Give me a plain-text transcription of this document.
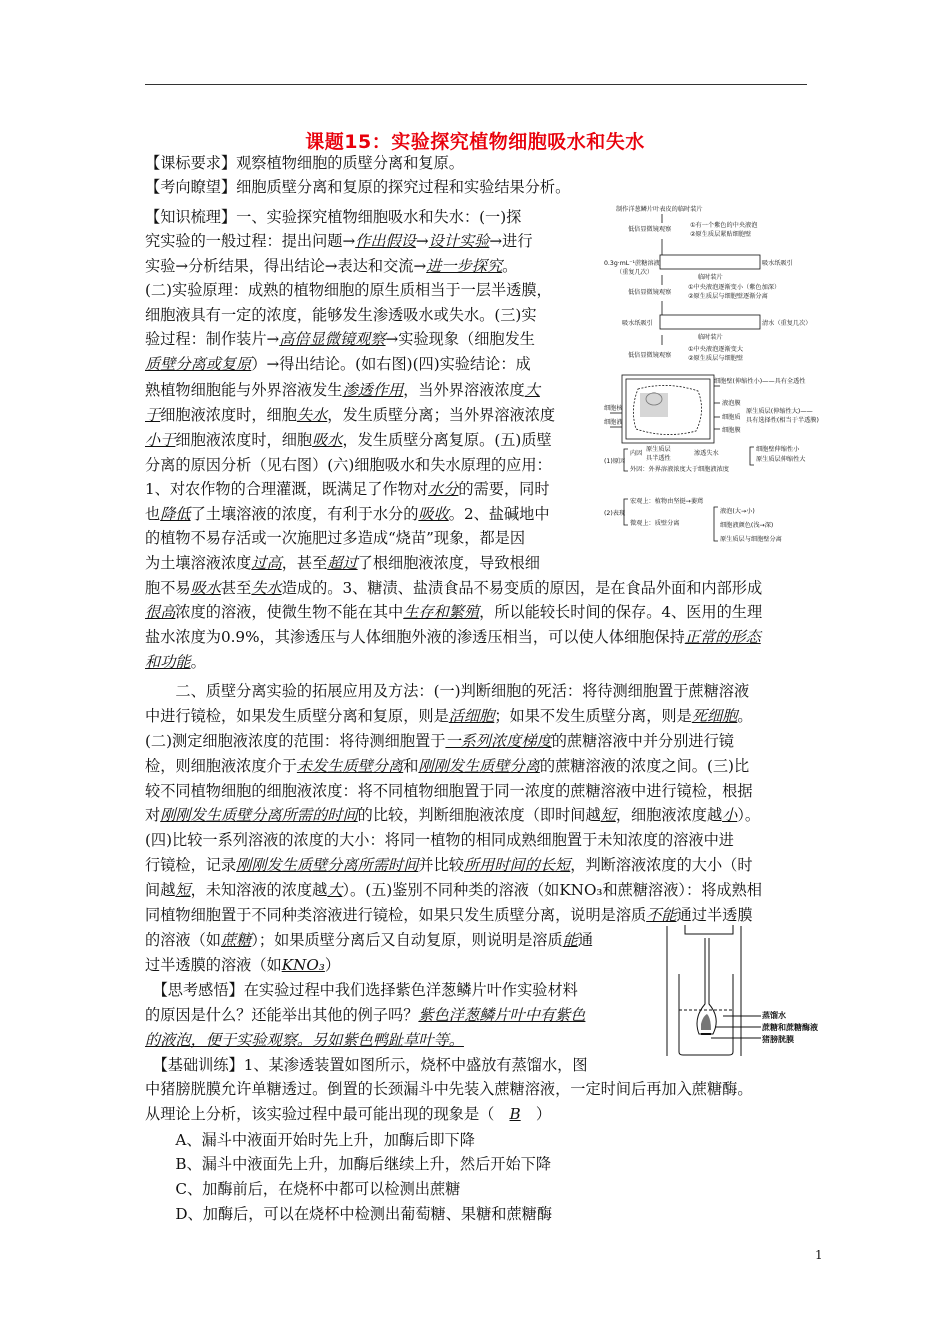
课题15：实验探究植物细胞吸水和失水
【课标要求】观察植物细胞的质壁分离和复原。
【考向瞭望】细胞质壁分离和复原的探究过程和实验结果分析。
【知识梳理】一、实验探究植物细胞吸水和失水：(一)探
究实验的一般过程：提出问题→作出假设→设计实验→进行
实验→分析结果，得出结论→表达和交流→进一步探究。
(二)实验原理：成熟的植物细胞的原生质相当于一层半透膜，
细胞液具有一定的浓度，能够发生渗透吸水或失水。(三)实
验过程：制作装片→高倍显微镜观察→实验现象（细胞发生
质壁分离或复原）→得出结论。(如右图)(四)实验结论：成
熟植物细胞能与外界溶液发生渗透作用，当外界溶液浓度大
于细胞液浓度时，细胞失水，发生质壁分离；当外界溶液浓度
小于细胞液浓度时，细胞吸水，发生质壁分离复原。(五)质壁
分离的原因分析（见右图）(六)细胞吸水和失水原理的应用：
1、对农作物的合理灌溉，既满足了作物对水分的需要，同时
也降低了土壤溶液的浓度，有利于水分的吸收。2、盐碱地中
的植物不易存活或一次施肥过多造成“烧苗”现象，都是因
为土壤溶液浓度过高，甚至超过了根细胞液浓度，导致根细
胞不易吸水甚至失水造成的。3、糖渍、盐渍食品不易变质的原因，是在食品外面和内部形成
很高浓度的溶液，使微生物不能在其中生存和繁殖，所以能较长时间的保存。4、医用的生理
盐水浓度为0.9%，其渗透压与人体细胞外液的渗透压相当，可以使人体细胞保持正常的形态
和功能。
　　二、质壁分离实验的拓展应用及方法：(一)判断细胞的死活：将待测细胞置于蔗糖溶液
中进行镜检，如果发生质壁分离和复原，则是活细胞；如果不发生质壁分离，则是死细胞。
(二)测定细胞液浓度的范围：将待测细胞置于一系列浓度梯度的蔗糖溶液中并分别进行镜
检，则细胞液浓度介于未发生质壁分离和刚刚发生质壁分离的蔗糖溶液的浓度之间。(三)比
较不同植物细胞的细胞液浓度：将不同植物细胞置于同一浓度的蔗糖溶液中进行镜检，根据
对刚刚发生质壁分离所需的时间的比较，判断细胞液浓度（即时间越短，细胞液浓度越小）。
(四)比较一系列溶液的浓度的大小：将同一植物的相同成熟细胞置于未知浓度的溶液中进
行镜检，记录刚刚发生质壁分离所需时间并比较所用时间的长短，判断溶液浓度的大小（时
间越短，未知溶液的浓度越大）。(五)鉴别不同种类的溶液（如KNO₃和蔗糖溶液）：将成熟相
同植物细胞置于不同种类溶液进行镜检，如果只发生质壁分离，说明是溶质不能通过半透膜
的溶液（如蔗糖）；如果质壁分离后又自动复原，则说明是溶质能通
过半透膜的溶液（如KNO₃）
　【思考感悟】在实验过程中我们选择紫色洋葱鳞片叶作实验材料
的原因是什么？还能举出其他的例子吗？紫色洋葱鳞片叶中有紫色
的液泡，便于实验观察。另如紫色鸭趾草叶等。
　【基础训练】1、某渗透装置如图所示，烧杯中盛放有蒸馏水，图
中猪膀胱膜允许单糖透过。倒置的长颈漏斗中先装入蔗糖溶液，一定时间后再加入蔗糖酶。
从理论上分析，该实验过程中最可能出现的现象是（　B　）
　　A、漏斗中液面开始时先上升，加酶后即下降
　　B、漏斗中液面先上升，加酶后继续上升，然后开始下降
　　C、加酶前后，在烧杯中都可以检测出蔗糖
　　D、加酶后，可以在烧杯中检测出葡萄糖、果糖和蔗糖酶
制作洋葱鳞片叶表皮的临时装片
低倍显微镜观察
①有一个紫色的中央液泡
②原生质层紧贴细胞壁
0.3g·mL⁻¹蔗糖溶液
（重复几次）
吸水纸吸引
临时装片
低倍显微镜观察
①中央液泡逐渐变小（紫色加深）
②原生质层与细胞壁逐渐分离
吸水纸吸引	清水（重复几次）
临时装片
低倍显微镜观察
①中央液泡逐渐变大
②原生质层与细胞壁
细胞壁(伸缩性小)——具有全透性
细胞核
细胞液
液泡膜
细胞质
细胞膜
原生质层(伸缩性大)——
具有选择性(相当于半透膜)
(1)原因
内因
原生质层
具半透性
渗透失水
细胞壁伸缩性小
原生质层伸缩性大
外因：外界溶液浓度大于细胞液浓度
(2)表现
宏观上：植物由坚挺→萎蔫
微观上：质壁分离
液泡(大→小)
细胞液颜色(浅→深)
原生质层与细胞壁分离
蒸馏水
蔗糖和蔗糖酶液
猪膀胱膜
1
